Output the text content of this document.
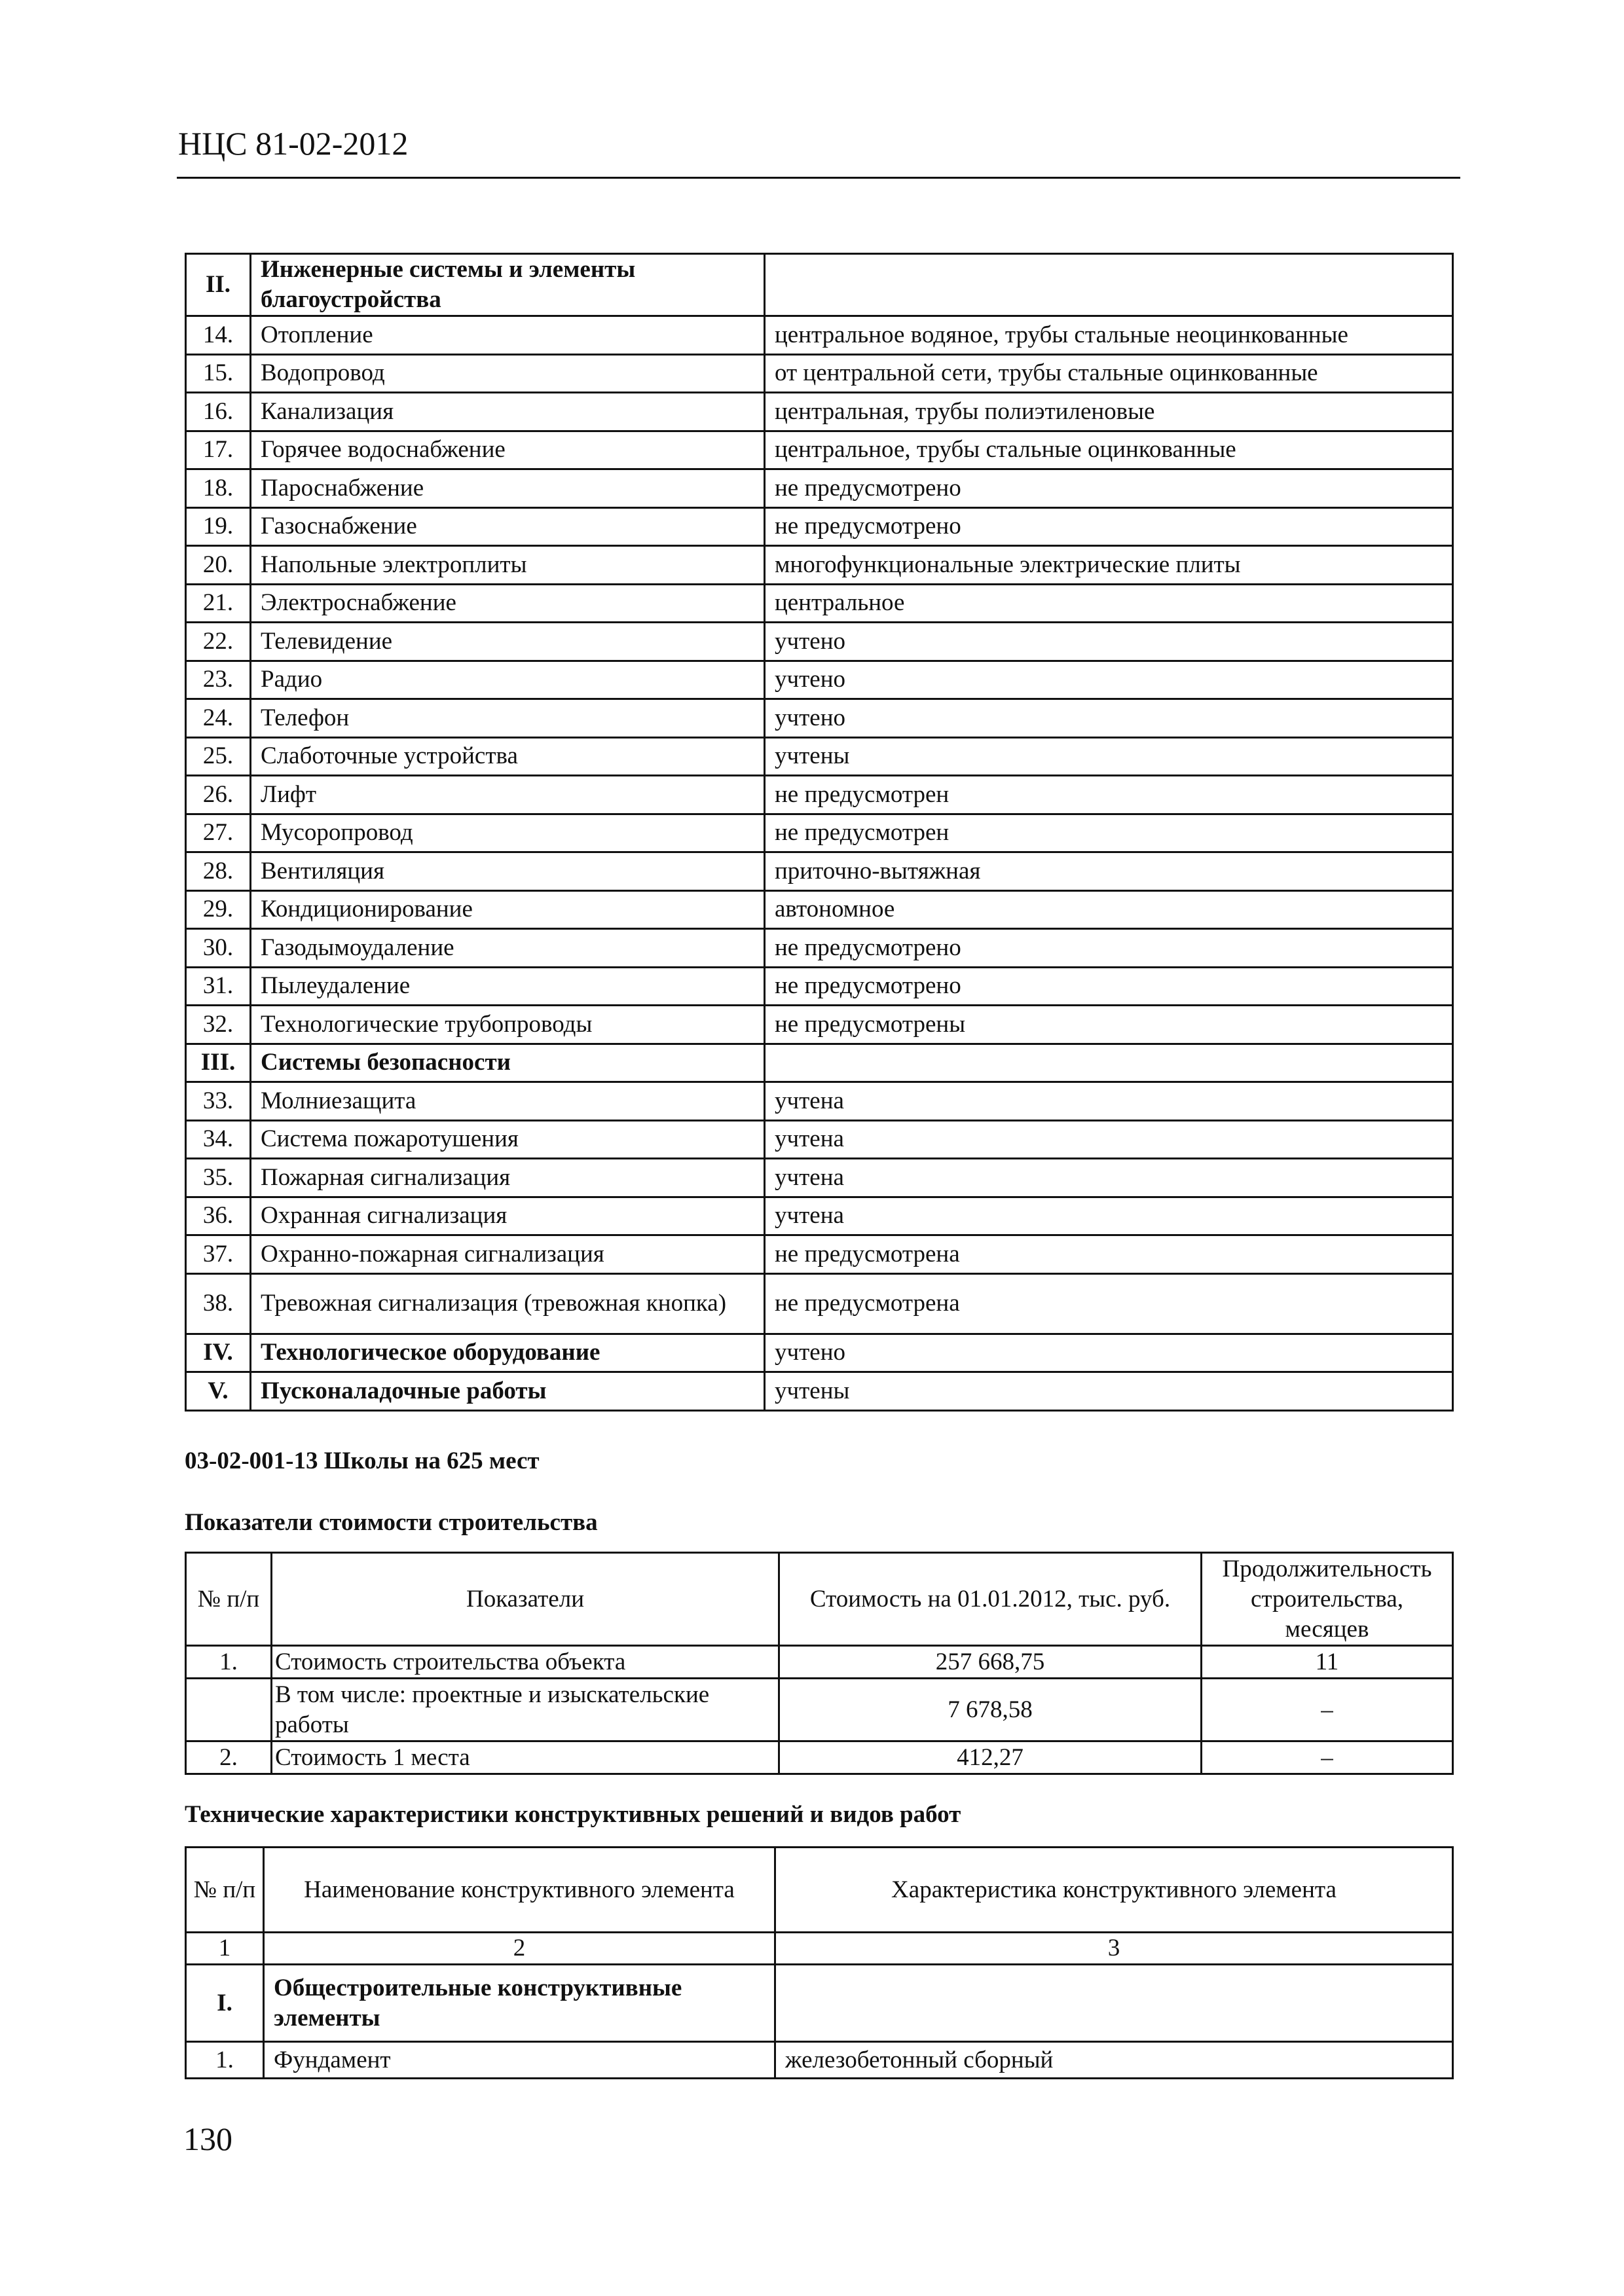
НЦС 81-02-2012
II.	Инженерные системы и элементы благоустройства	
14.	Отопление	центральное водяное, трубы стальные неоцинкованные
15.	Водопровод	от центральной сети, трубы стальные оцинкованные
16.	Канализация	центральная, трубы полиэтиленовые
17.	Горячее водоснабжение	центральное, трубы стальные оцинкованные
18.	Пароснабжение	не предусмотрено
19.	Газоснабжение	не предусмотрено
20.	Напольные электроплиты	многофункциональные электрические плиты
21.	Электроснабжение	центральное
22.	Телевидение	учтено
23.	Радио	учтено
24.	Телефон	учтено
25.	Слаботочные устройства	учтены
26.	Лифт	не предусмотрен
27.	Мусоропровод	не предусмотрен
28.	Вентиляция	приточно-вытяжная
29.	Кондиционирование	автономное
30.	Газодымоудаление	не предусмотрено
31.	Пылеудаление	не предусмотрено
32.	Технологические трубопроводы	не предусмотрены
III.	Системы безопасности	
33.	Молниезащита	учтена
34.	Система пожаротушения	учтена
35.	Пожарная сигнализация	учтена
36.	Охранная сигнализация	учтена
37.	Охранно-пожарная сигнализация	не предусмотрена
38.	Тревожная сигнализация (тревожная кнопка)	не предусмотрена
IV.	Технологическое оборудование	учтено
V.	Пусконаладочные работы	учтены
03-02-001-13 Школы на 625 мест
Показатели стоимости строительства
№ п/п	Показатели	Стоимость на 01.01.2012, тыс. руб.	Продолжительность строительства, месяцев
1.	Стоимость строительства объекта	257 668,75	11
	В том числе: проектные и изыскательские работы	7 678,58	–
2.	Стоимость 1 места	412,27	–
Технические характеристики конструктивных решений и видов работ
№ п/п	Наименование конструктивного элемента	Характеристика конструктивного элемента
1	2	3
I.	Общестроительные конструктивные элементы	
1.	Фундамент	железобетонный сборный
130
